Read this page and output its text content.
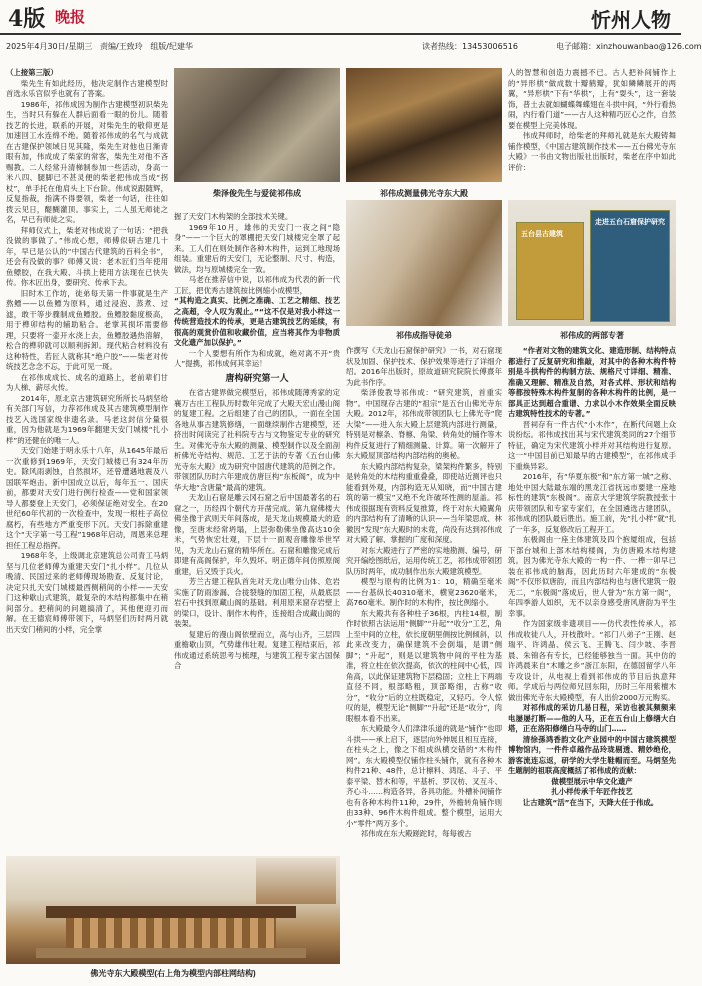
4版 晚报	忻州人物
2025年4月30日/星期三 责编/王致玲 组版/纪建华	读者热线：13453006516	电子邮箱：xinzhouwanbao@126.com

（上接第三版）

柴先生有如此经历，他决定制作古建模型时首选永乐宫似乎也就有了答案。

1986年，祁伟成因为制作古建模型初识柴先生，当时只有躲在人群后面看一眼的份儿。随着技艺的长进，联系的开展，对柴先生的敬仰更是加速回工水连绵不绝。随着祁伟成的名气与成就在古建保护领域日见其隆，柴先生对他也日渐青眼有加，伟成成了柴家的常客，柴先生对他不吝赐教。二人经常升清梯制参加一些活动，身高一米八四、腿脚已不甚灵便的柴老把伟成当成“拐杖”，单手托在他肩头上下台阶。伟成说跟随辉，反复指裁，指满不得要领，柴老一句话，往往如拨云见日，醍醐灌顶。事实上，二人虽无师徒之名，早已有师徒之实。

拜师仪式上，柴老对伟成说了一句话：“把我没做的事做了。”伟成心想，师傅似研古建几十年，早已是公认的“中国古代建筑的百科全书”，还会有没做的事？师傅又说：老木匠们当年使用鱼鳔胶，在我大殿、斗拱上使用方法现在已快失传。你木匠出身，要研究、传承下去。

旧时木工作坊，徒弟每天第一件事就是生产熬鳔——以鱼鳔为原料，通过浸泡、蒸煮、过滤，敢干等步骤制成鱼鳔胶。鱼鳔胶黏度极高，用于榫卯结构的辅助粘合。老掌其损坏需要修理，只要将一壶开水浇上去，鱼鳔胶遇热溶解，松合的榫卯就可以顺利拆卸。现代粘合材料没有这种特性，若匠人就称其“绝户胶”——柴老对传统技艺念念不忘，于此可见一斑。

在祁伟成成长、成名的道路上，老前辈们甘为人梯、薪尽火传。

2014年，原北京古建筑研究所所长马炳坚给有关部门写信，力荐祁伟成及其古建筑模型制作技艺入选国家级非遗名录。马老这封信分量很重，因为他就是为1969年翻建天安门城楼“扎小样”的还健在的唯一人。

天安门始建于明永乐十八年，从1645年最后一次重修到1969年，天安门城楼已有324年历史。除风雨剥蚀，自然损坏，还曾遭遇地震及八国联军炮击。新中国成立以后，每年五一、国庆前，都要对天安门进行例行检查——党和国家领导人都要登上天安门，必须保证绝对安全。在20世纪60年代初的一次检查中，发现一根柱子高位腐朽，有些地方严重变形下沉。天安门拆除重建这个“天字第一号工程”1968年启动，周恩来总理担任工程总指挥。

1968年冬，上级调北京建筑总公司青工马炳坚与几位老师傅为重建天安门“扎小样”。几位从晚清、民国过来的老师傅现场勘查、反复讨论，决定只扎天安门城楼最西侧稍间的小样——天安门这种歇山式建筑，最复杂的木结构都集中在稍间部分。把稍间的问题搞清了，其他便迎刃而解。在王德宸师傅带领下，马炳坚们历时两月就出天安门稍间的小样，完全掌

柴泽俊先生与爱徒祁伟成	祁伟成测量佛光寺东大殿
祁伟成指导徒弟
五台县古建筑
走进五台石窟保护研究
祁伟成的两部专著

握了天安门木构架的全部技术关键。

1969年10月，雄伟的天安门一夜之间“隐身”——一个巨大的罩棚把天安门城楼完全罩了起来。工人们在则处制作各种木构件，运到工地现场组装。重建后的天安门，无论整制、尺寸、构造，做法，均与原城楼完全一致。

马老在推荐信中说，以祁伟成为代表的新一代工匠，把优秀古建筑按比例缩小成模型，

“其构造之真实、比例之准确、工艺之精细、技艺之高超，令人叹为观止。”“这不仅是对我小样这一传统营造技术的传承，更是古建筑技艺的延续，有很高的观赏价值和收藏价值，应当将其作为非物质文化遗产加以保护。”

一个人要想有所作为和成就，绝对离不开“贵人”提携，祁伟成何其幸运！

唐构研究第一人

在省古建界做完模型后，祁伟成随薄秀家的定襄万古庄工程队历时数年完成了大殿天宏山漫山阁的复建工程。之后组建了自己的团队，一面在全国各地从事古建筑修缮，一面继续制作古建模型，还挤出时间读完了社科院专古与文物鉴定专业的研究生。对佛光寺东大殿的测量、模型制作以及全面剖析佛光寺结构、规范、工艺于法的专著《五台山佛光寺东大殿》成为研究中国唐代建筑的范例之作。带领团队历时六年建成仿唐巨构“东板阁”，成为中华大地“含唐量”最高的建筑。

天龙山石窟是雕云冈石窟之后中国最著名的石窟之一，历经四个朝代方开凿完成。第九窟佛楼大佛坐像于武则天年间落成，是天龙山规模最大的造像，至唐末经常坍塌，上层弥勒佛坐像高达10余米，气势恢宏壮观，下层十一面观音雕像举世罕见，为天龙山石窟的精华所在。石窟和雕像完成后即建有高阁保护，年久毁坏。明正德年间仿照原阁重建，后又毁于兵火。

芳兰古建工程队首先对天龙山唯分山体、危岩实施了防雨渗漏、合拢裂缝的加固工程，从最底层岩石中找到原藏山阁的基础。利用原来窟存岩壁上的梁口，设计、制作木构件，连接组合成藏山阁的装架。

复建后的漫山阁依壁而立，高与山齐，三层四重檐歇山顶，气势雄伟壮观。复建工程结束后，祁伟成通过系统思考与梳理，与建筑工程专家古国保合

作撰写《天龙山石窟保护研究》一书，对石窟现状及加固、保护技术、保护效果等进行了详细介绍。2016年出版时，原故道研究院院长傅熹年为此书作序。

柴泽俊教导祁伟成：“研究建筑，首重实物”。中国现存古建的“祖宗”是五台山佛光寺东大殿。2012年，祁伟成带领团队七上佛光寺“爬大梁”——进入东大殿上层建筑内部进行测量，特别是对檩条、脊檩、角梁、转角处的铺作等木构件反复进行了精细测量、计算。第一次解开了东大殿屋顶部结构内部结构的奥秘。

东大殿内部结构复杂，梁架构件繁多，特别是转角处的木结构重重叠叠，即使站近测评也只能看到外观，内部构造无从知晓，而“中国古建筑的第一模宝”又绝不允许破坏性测的屋盖。祁伟成很据现有资料反复推算，终于对东大殿翼角的内部结构有了清晰的认识——当年梁思成、林徽因“发现”东大殿时的未竟，尚没有达到祁伟成对大殿了解、掌握的广度和深度。

对东大殿进行了严密的实地勘测、编号，研究开编绘图纸后，运用传统工艺，祁伟成带领团队历时两年，成功制作出东大殿建筑模型。

模型与原构的比例为1：10，精确至毫米——台基纵长40310毫米，横宽23620毫米，高760毫米。制作时的木构件，按比例缩小。

东大殿共有各种柱子36根，内柱14根，制作时依照古法运用“侧脚”“升起”“收分”工艺，角上至中间的立柱，依长度朝里侧按比例倾斜，以此来改变力，确保建筑不会倒塌，是谓“侧脚”；“升起”，则是以建筑物中间的平柱为基准，将立柱在依次提高，依次的柱间中心低，四角高，以此保证建筑物下层稳固；立柱上下两端直径不同，根部略粗，顶部略细，古称“收分”，“收分”后的立柱既稳定，又轻巧。令人惊叹的是，模型无论“侧脚”“升起”还是“收分”，肉眼根本看不出来。

东大殿最令人们津津乐道的就是“铺作”也即斗拱——承上启下，逐层向外伸展且相互连接，在柱头之上，像之下组成纵横交错的“木构件网”。东大殿模型仅铺作柱头铺作，就有各种木构件21种、48件，总计檩料、鸿尾、斗子、平泰平梁、替木和等，平基析、罗汉枋、叉互斗、齐心斗……构造各异，各具功能。外槽补间铺作也有各种木构件11种，29件，外檐转角铺作则由33种、96件木构件组成。整个模型，运用大小“零件”两万多个。

祁伟成在东大殿蹉跎时，每每被古

人的智慧和创造力震撼不已。古人把补间铺作上的“异形栱”做成数十瓣鹤瓣，犹如鳞鳞展开的两翼，“异形栱”下有“华栱”，上有“耍头”，这一套装饰，普土去就如蝴蝶舞蝶翅在斗拱中间，“外行看热闹，内行看门道”——古人这种精巧匠心之作，自然要在模型上完美体现。

伟成拜师时，给柴老的拜师礼就是东大殿铸舞铺作模型，《中国古建筑制作技术——五台佛光寺东大殿》一书由文物出版社出版时，柴老在序中如此评价：

“作者对文物的建筑文化、建造形制、结构特点都进行了反复研究和推敲，对其中的各种木构件特别是斗拱构件的构制方法、规格尺寸详细、精准、准确又理解、精准及自然，对各式样、形状和结构等都按特殊木构件复制的各种木构件的比例，是一部具正达到超合重谱、力求以小木作效果全面反映古建筑特性技术的专著。”

晋祠存有一件古代“小木作”，在断代问题上众说纷纭。祁伟成找出其与宋代建筑类同的27个细节特征，确定为宋代建筑小样并对其结构进行复原。这一“中国目前已知最早的古建模型”，在祁伟成手下重焕异彩。

2016年，有“华夏东极”和“东方第一城”之称、地处中国大陆最东端的黑龙江省抚远市要建一座地标性的建筑“东极阁”。南京大学建筑学院教授张十庆带领团队和专家专家们，在全国遴选古建团队，祁伟成的团队最后胜出。施工前，先“扎小样”就“扎了一年多，反复修改后工程开工。

东极阁由一座主体建筑及四个抱厦组成，包括下部台城和上部木结构楼阁，为仿唐殿木结构建筑。因为佛光寺东大殿的一构一件、一榫一卯早已装在祁伟成的脑海，因此历时六年建成的“东极阁”不仅形似唐韵，而且内部结构也与唐代建筑一般无二，“东极阁”落成后，世人誉为“东方第一阁”，年四季游人如织，无不以亲身感受唐风唐韵为平生幸事。

作为国家级非遗项目——仿代表性传承人，祁伟成收徒八人，开枝散叶。“祁门八弟子”王刚、赵瑞平、许鸿晶、侯云飞、王腾飞、闫少坡、李晋晨、朱锦各有专长，已经能够独当一面。其中仿的许鸿晨来自“木雕之乡”浙江东阳，在德国留学八年专攻设计，从电视上看到祁伟成的节目后执意拜师。学成后与两位师兄回东阳，历时三年用紫檀木做出佛光寺东大殿模型，有人出价2000万元购买。

对祁伟成的采访几易日程，采访也被其频频来电屡屡打断——他的人马，正在五台山上修缮大白塔，正在洛阳修缮白马寺的山门……

清徐孫鸿香韵文化产业园中的中国古建筑模型博物馆内，一件件卓越作品玲珑剔透、精妙绝伦，游客流连忘返，研学的大学生鞋帽而至。马炳坚先生题制的祖联高度概括了祁伟成的贡献：

做模型展示中华文化遗产

扎小样传承千年匠作技艺

让古建筑“活”在当下，天降大任于伟成。

佛光寺东大殿模型(右上角为模型内部柱网结构)
